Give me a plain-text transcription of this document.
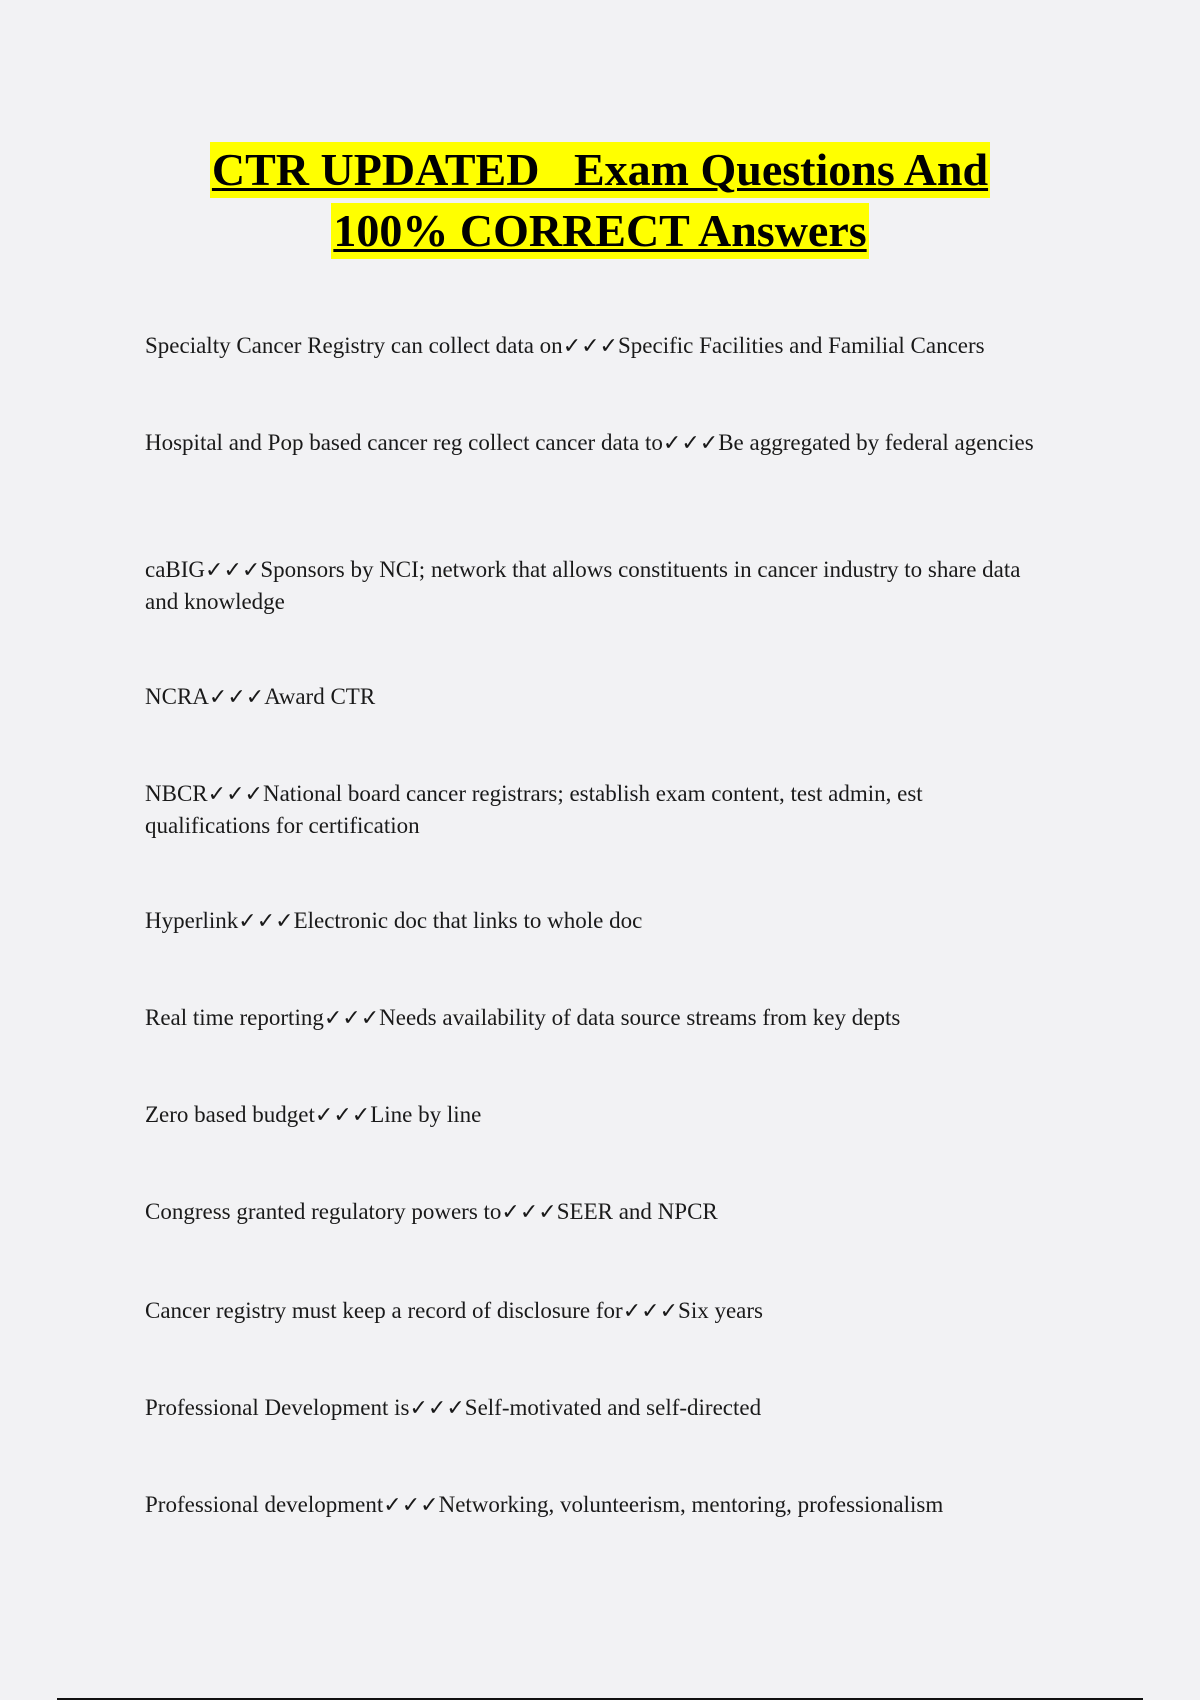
CTR UPDATED   Exam Questions And
100% CORRECT Answers
Specialty Cancer Registry can collect data on✓✓✓Specific Facilities and Familial Cancers
Hospital and Pop based cancer reg collect cancer data to✓✓✓Be aggregated by federal agencies
caBIG✓✓✓Sponsors by NCI; network that allows constituents in cancer industry to share data and knowledge
NCRA✓✓✓Award CTR
NBCR✓✓✓National board cancer registrars; establish exam content, test admin, est qualifications for certification
Hyperlink✓✓✓Electronic doc that links to whole doc
Real time reporting✓✓✓Needs availability of data source streams from key depts
Zero based budget✓✓✓Line by line
Congress granted regulatory powers to✓✓✓SEER and NPCR
Cancer registry must keep a record of disclosure for✓✓✓Six years
Professional Development is✓✓✓Self-motivated and self-directed
Professional development✓✓✓Networking, volunteerism, mentoring, professionalism
